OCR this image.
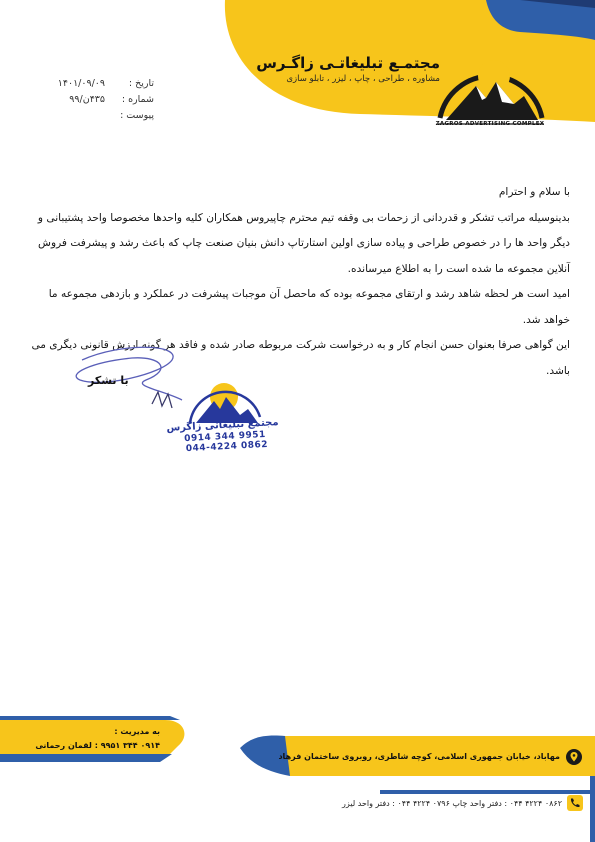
مجتمـع تبلیغاتـی زاگـرس
مشاوره ، طراحی ، چاپ ، لیزر ، تابلو سازی
ZAGROS ADVERTISING COMPLEX
تاریخ :
۱۴۰۱/۰۹/۰۹
شماره :
۴۳۵ن/۹۹
پیوست :

با سلام و احترام

بدینوسیله مراتب تشکر و قدردانی از زحمات بی وقفه تیم محترم چاپیروس همکاران کلیه واحدها مخصوصا واحد پشتیبانی و دیگر واحد ها را در خصوص طراحی و پیاده سازی اولین استارتاپ دانش بنیان صنعت چاپ که باعث رشد و پیشرفت فروش آنلاین مجموعه ما شده است را به اطلاع میرسانده.

امید است هر لحظه شاهد رشد و ارتقای مجموعه بوده که ماحصل آن موجبات پیشرفت در عملکرد و بازدهی مجموعه ما خواهد شد.

این گواهی صرفا بعنوان حسن انجام کار و به درخواست شرکت مربوطه صادر شده و فاقد هر گونه ارزش قانونی دیگری می باشد.

با تشکر
مجتمع تبلیغاتی زاگرس
0914 344 9951
044-4224 0862
به مدیریت :
۰۹۱۴ ۳۴۴ ۹۹۵۱ : لقمان رحمانی
مهاباد، خیابان جمهوری اسلامی، کوچه شاطری، روبروی ساختمان فرهاد
۰۸۶۲ ۴۲۲۴ ۰۴۴ : دفتر واحد چاپ ۰۷۹۶ ۴۲۲۴ ۰۴۴ : دفتر واحد لیزر
